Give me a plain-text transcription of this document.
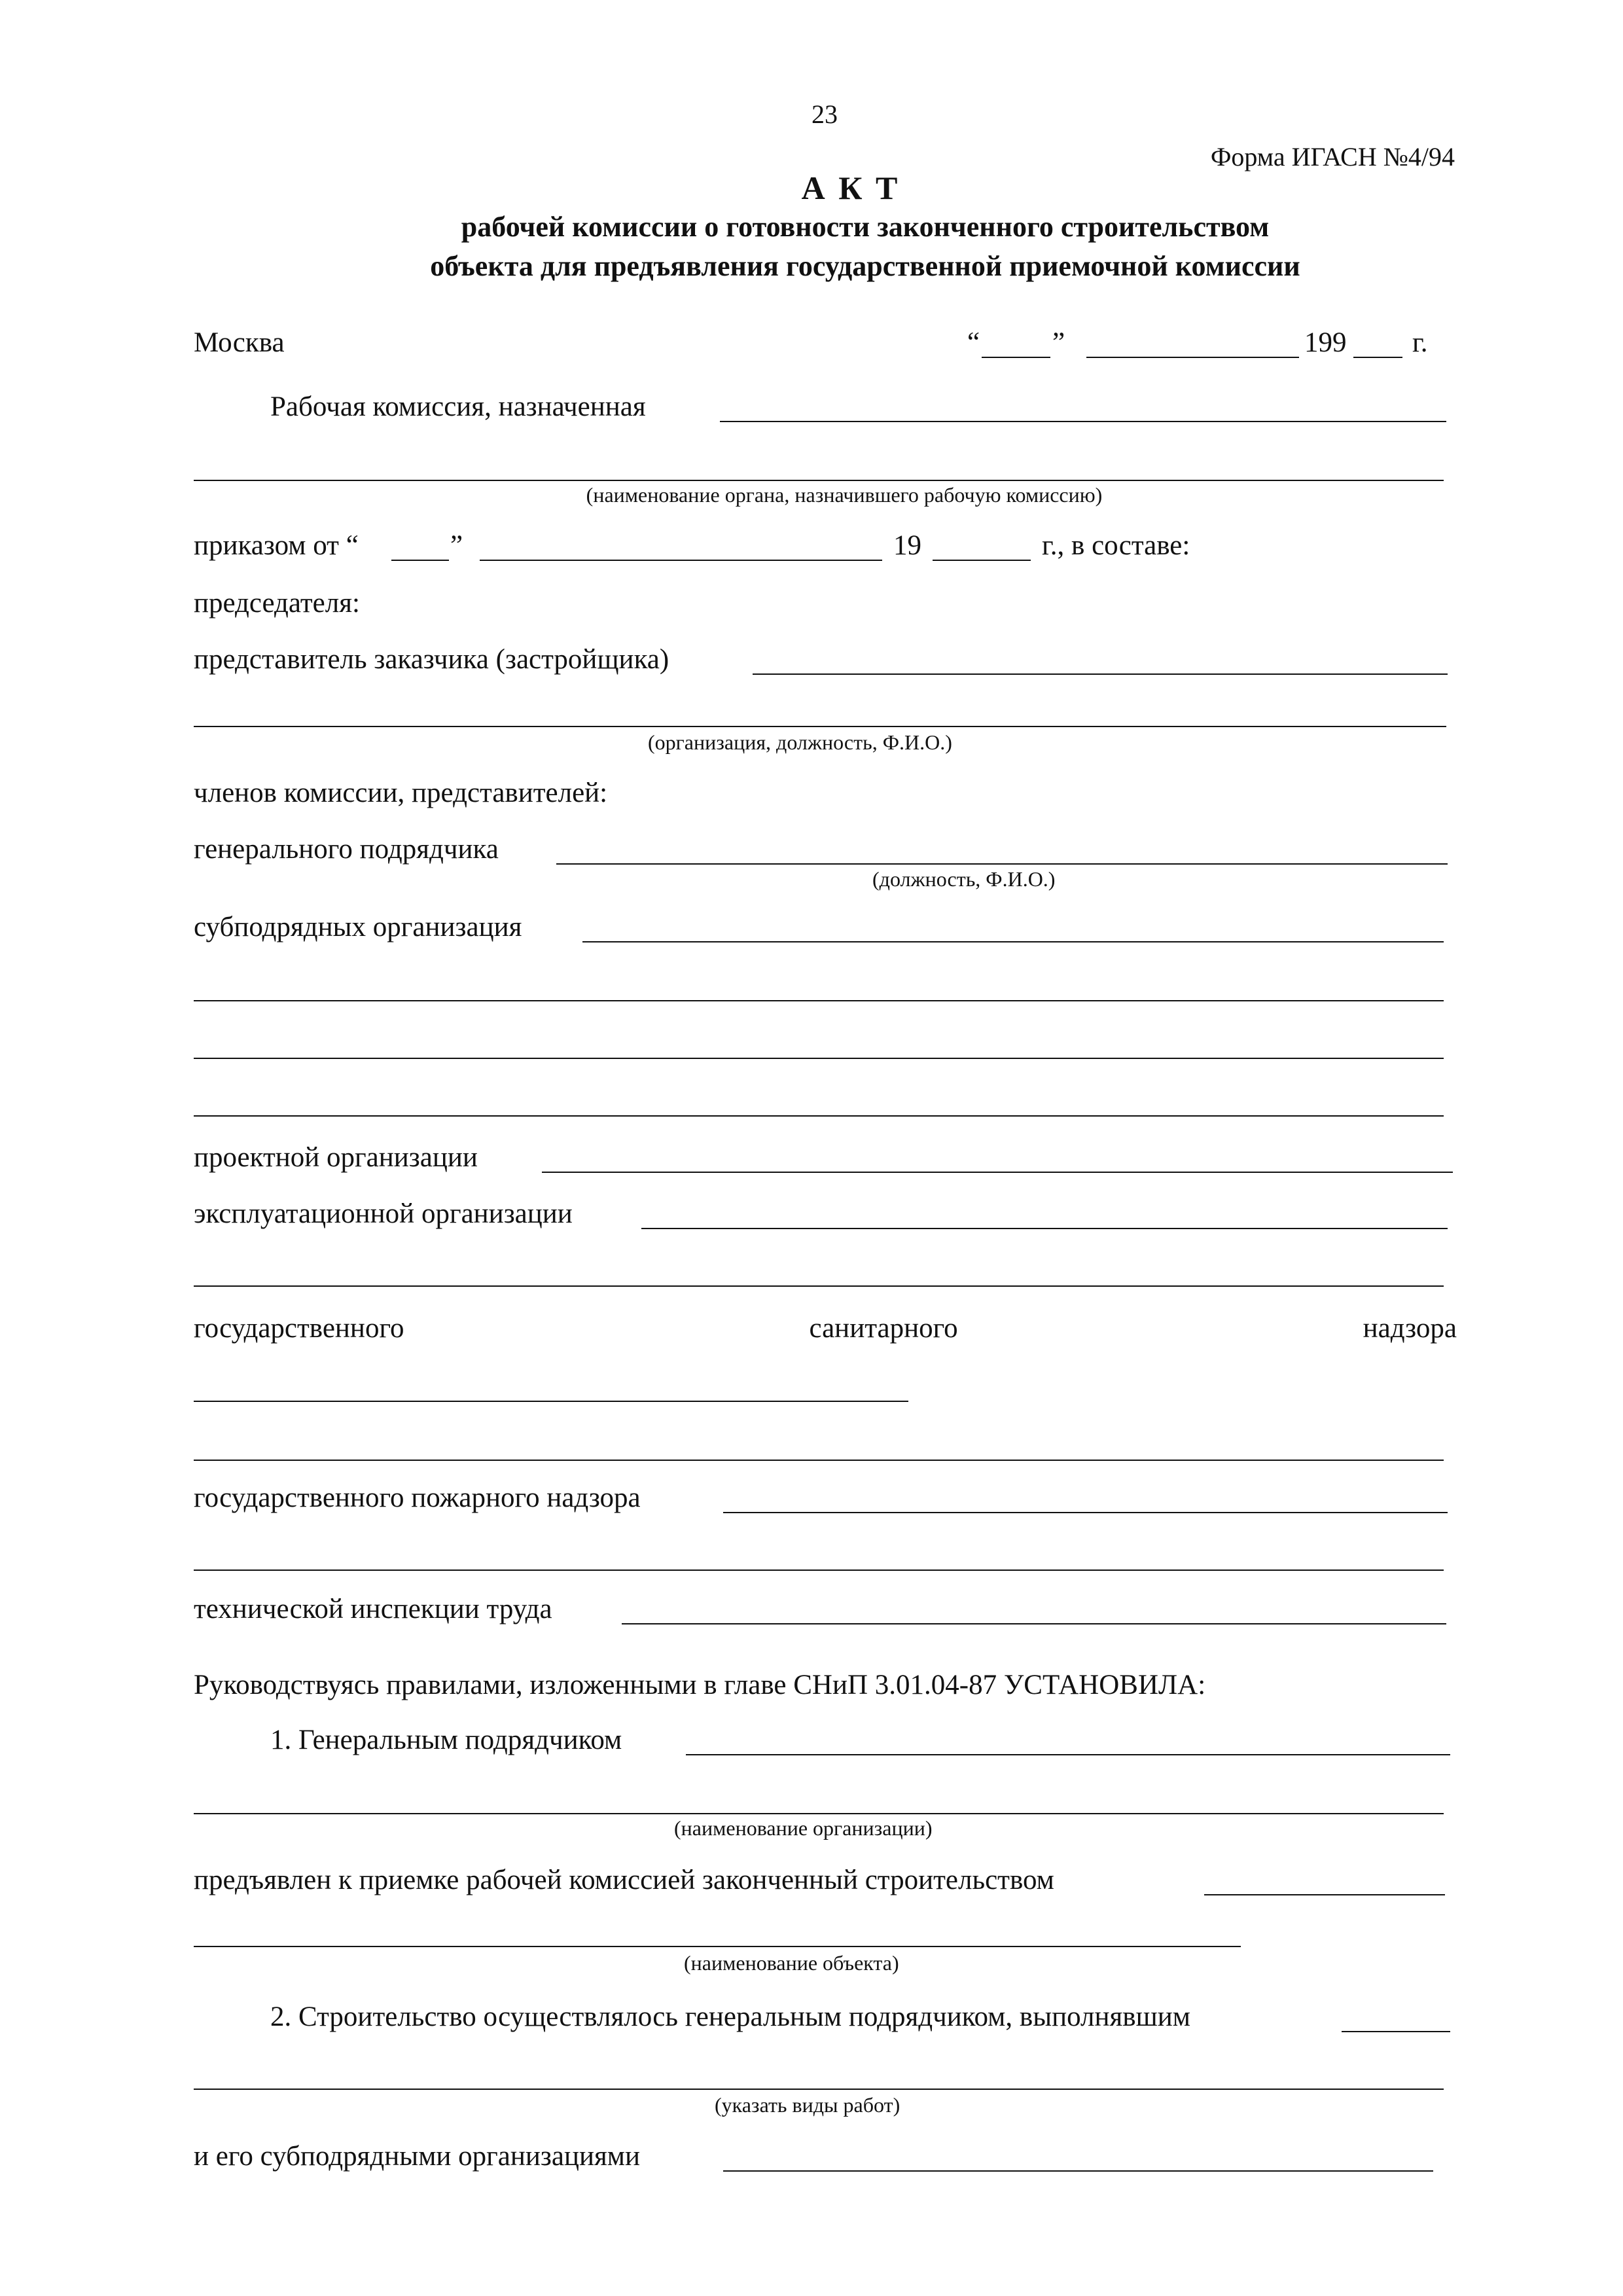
23
Форма ИГАСН №4/94
А К Т
рабочей комиссии о готовности законченного строительством
объекта для предъявления государственной приемочной комиссии
Москва	“	”	199 г.
Рабочая комиссия, назначенная
(наименование органа, назначившего рабочую комиссию)
приказом от “	”	19	г., в составе:
председателя:
представитель заказчика (застройщика)
(организация, должность, Ф.И.О.)
членов комиссии, представителей:
генерального подрядчика
(должность, Ф.И.О.)
субподрядных организация
проектной организации
эксплуатационной организации
государственного	санитарного	надзора
государственного пожарного надзора
технической инспекции труда
Руководствуясь правилами, изложенными в главе СНиП 3.01.04-87 УСТАНОВИЛА:
1. Генеральным подрядчиком
(наименование организации)
предъявлен к приемке рабочей комиссией законченный строительством
(наименование объекта)
2. Строительство осуществлялось генеральным подрядчиком, выполнявшим
(указать виды работ)
и его субподрядными организациями
